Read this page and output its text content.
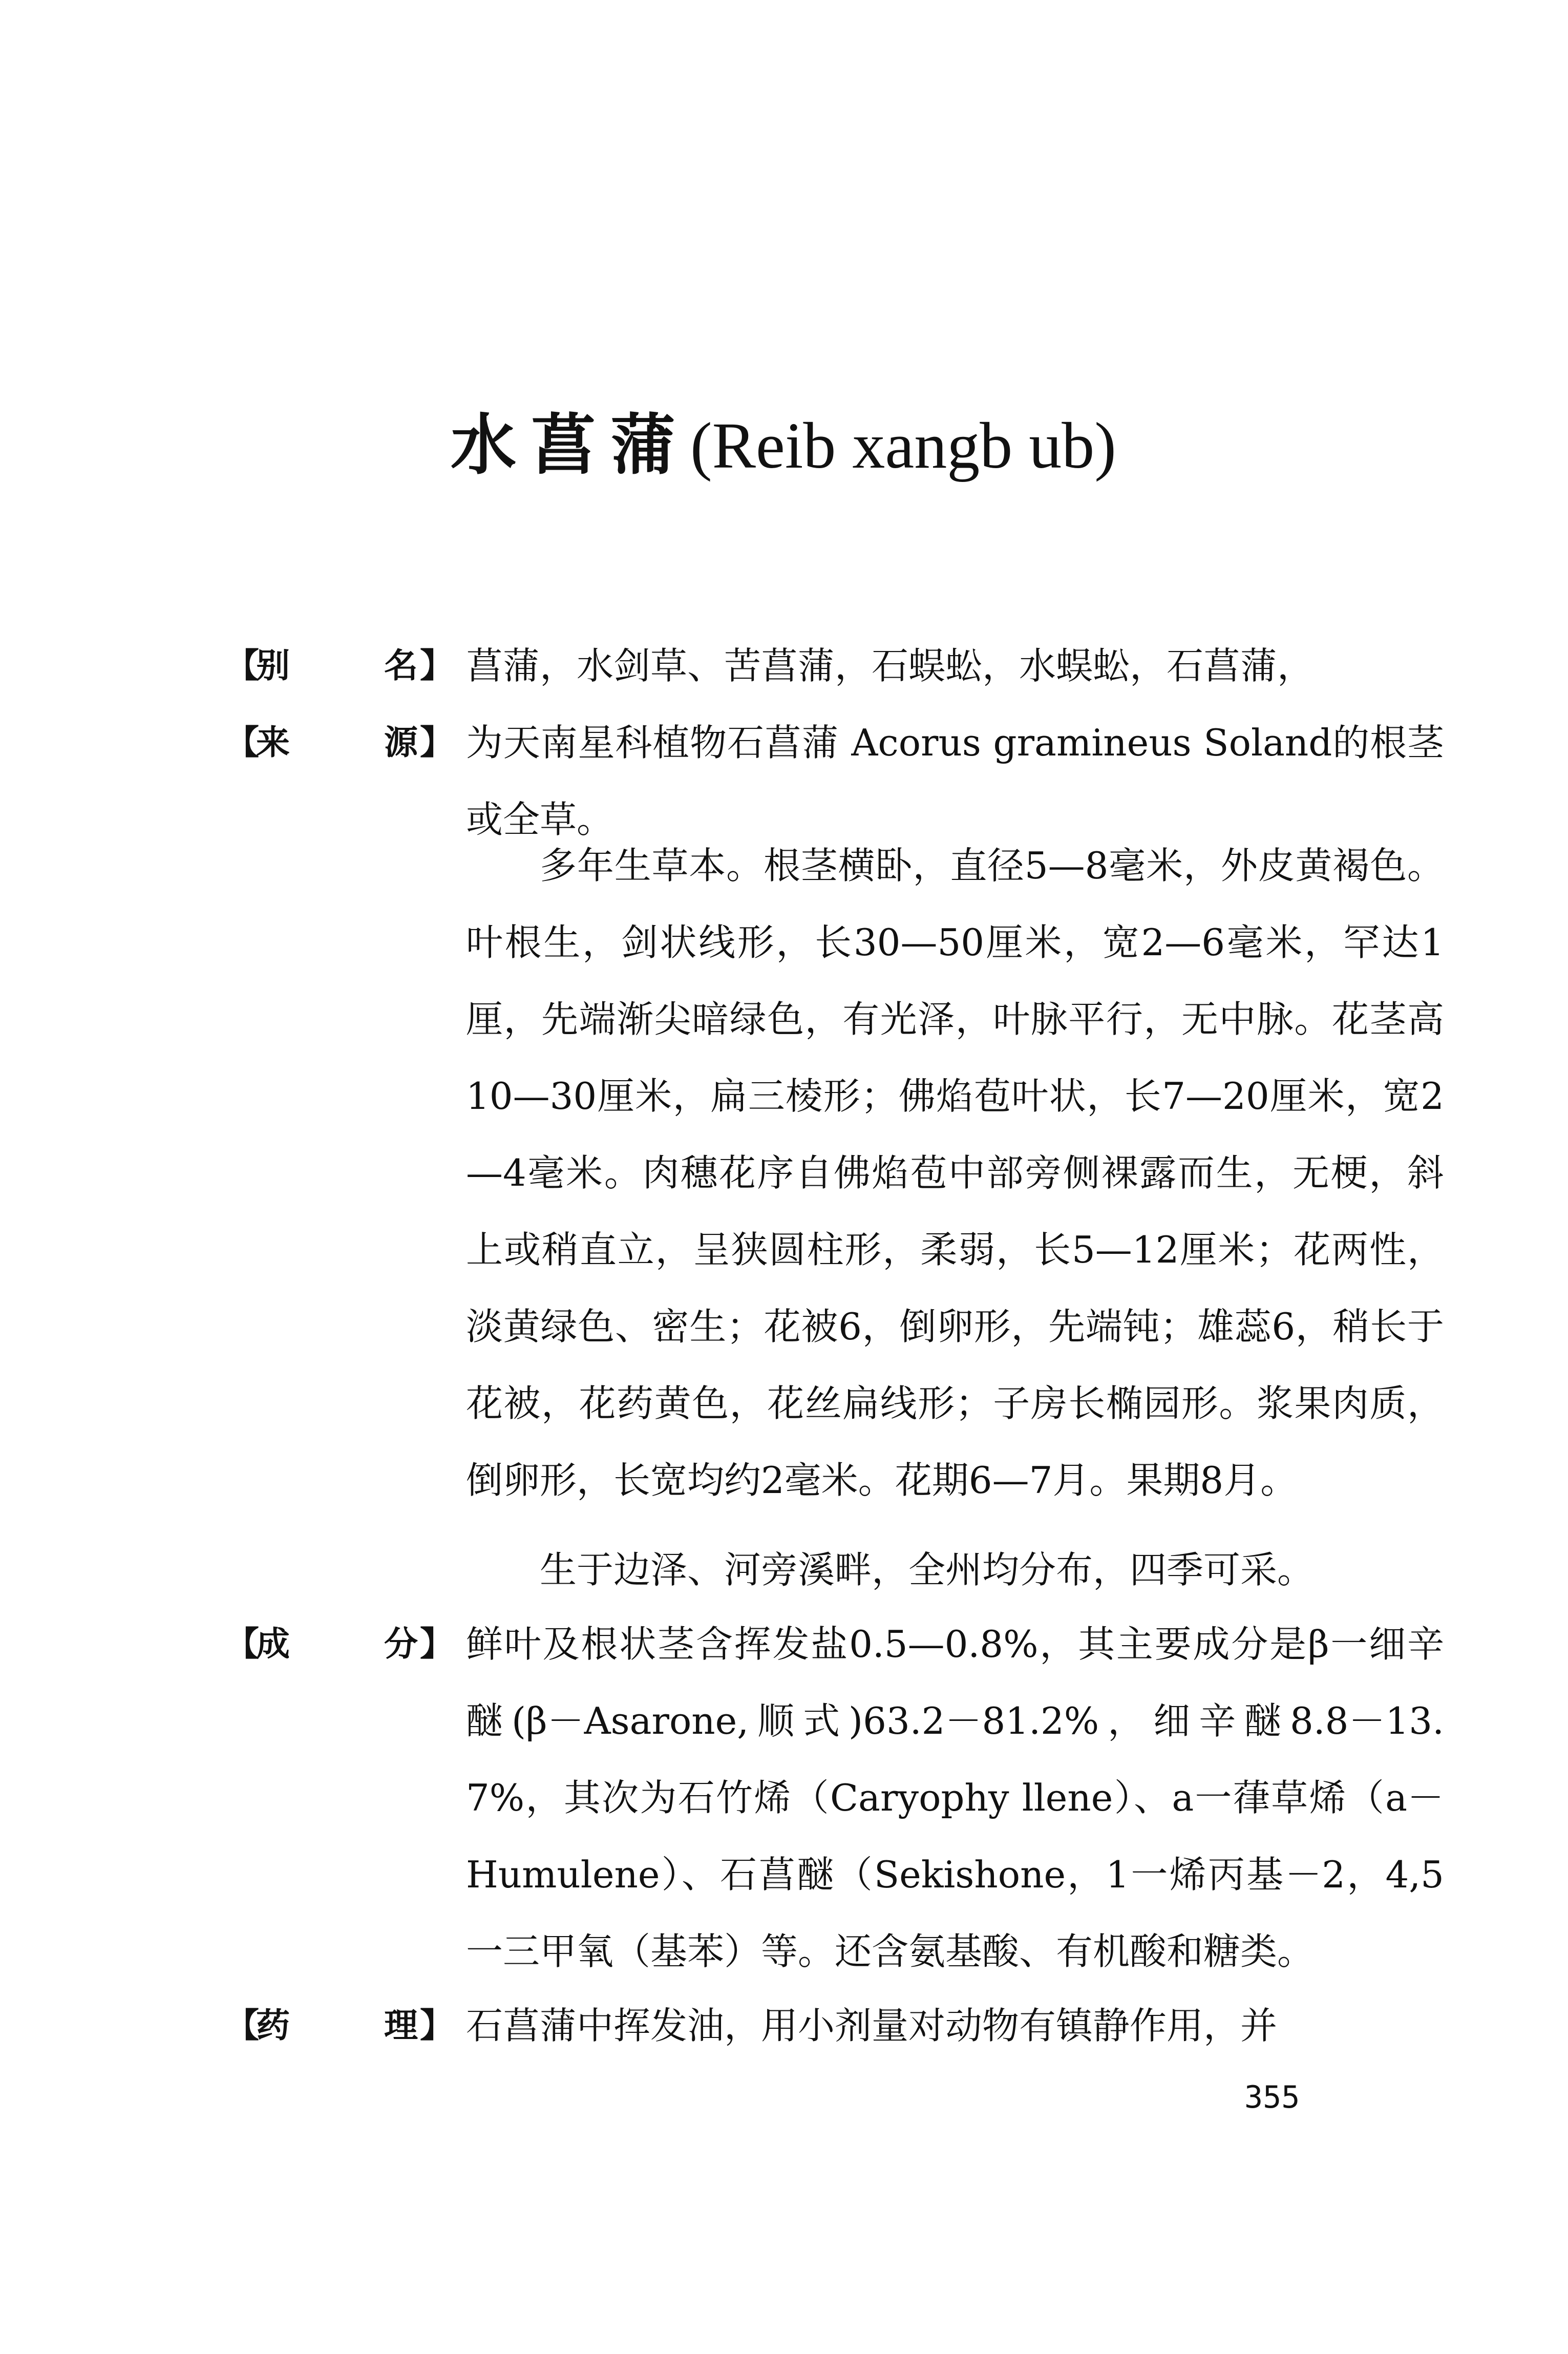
水菖蒲(Reib xangb ub)
【
别	名 】 菖蒲，水剑草、苦菖蒲，石蜈蚣，水蜈蚣，石菖蒲，
【
来	源 】 为天南星科植物石菖蒲 Acorus gramineus Soland的根茎或全草。
多年生草本。根茎横卧，直径5—8毫米，外皮黄褐色。叶根生，剑状线形，长30—50厘米，宽2—6毫米，罕达1厘，先端渐尖暗绿色，有光泽，叶脉平行，无中脉。花茎高10—30厘米，扁三棱形；佛焰苞叶状，长7—20厘米，宽2—4毫米。肉穗花序自佛焰苞中部旁侧裸露而生，无梗，斜上或稍直立，呈狭圆柱形，柔弱，长5—12厘米；花两性，淡黄绿色、密生；花被6，倒卵形，先端钝；雄蕊6，稍长于花被，花药黄色，花丝扁线形；子房长椭园形。浆果肉质，倒卵形，长宽均约2毫米。花期6—7月。果期8月。
生于边泽、河旁溪畔，全州均分布，四季可采。
【
成	分 】 鲜叶及根状茎含挥发盐0.5—0.8%，其主要成分是β一细辛醚(β－Asarone,顺式)63.2－81.2%，细辛醚8.8－13.7%，其次为石竹烯（Caryophy llene）、a一葎草烯（a－Humulene）、石菖醚（Sekishone，1一烯丙基－2，4,5一三甲氧（基苯）等。还含氨基酸、有机酸和糖类。
【
药	理 】 石菖蒲中挥发油，用小剂量对动物有镇静作用，并
355
